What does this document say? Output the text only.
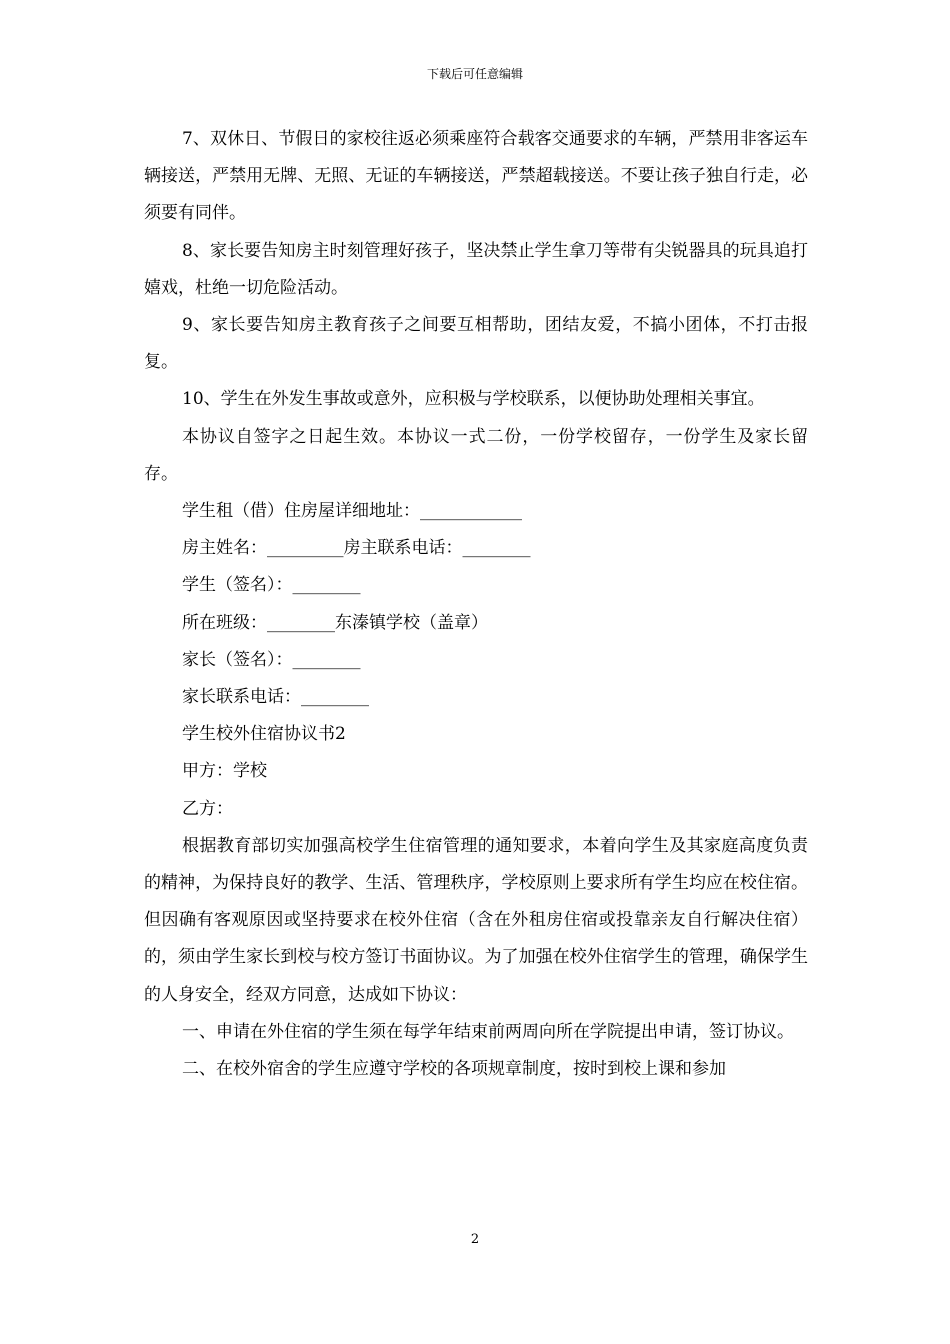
下载后可任意编辑

7、双休日、节假日的家校往返必须乘座符合载客交通要求的车辆，严禁用非客运车辆接送，严禁用无牌、无照、无证的车辆接送，严禁超载接送。不要让孩子独自行走，必须要有同伴。

8、家长要告知房主时刻管理好孩子，坚决禁止学生拿刀等带有尖锐器具的玩具追打嬉戏，杜绝一切危险活动。

9、家长要告知房主教育孩子之间要互相帮助，团结友爱，不搞小团体，不打击报复。

10、学生在外发生事故或意外，应积极与学校联系，以便协助处理相关事宜。

本协议自签字之日起生效。本协议一式二份，一份学校留存，一份学生及家长留存。

学生租（借）住房屋详细地址：____________
房主姓名：_________房主联系电话：________
学生（签名）：________
所在班级：________东溱镇学校（盖章）
家长（签名）：________
家长联系电话：________
学生校外住宿协议书2
甲方：学校
乙方：

根据教育部切实加强高校学生住宿管理的通知要求，本着向学生及其家庭高度负责的精神，为保持良好的教学、生活、管理秩序，学校原则上要求所有学生均应在校住宿。但因确有客观原因或坚持要求在校外住宿（含在外租房住宿或投靠亲友自行解决住宿）的，须由学生家长到校与校方签订书面协议。为了加强在校外住宿学生的管理，确保学生的人身安全，经双方同意，达成如下协议：

一、申请在外住宿的学生须在每学年结束前两周向所在学院提出申请，签订协议。

二、在校外宿舍的学生应遵守学校的各项规章制度，按时到校上课和参加

2
